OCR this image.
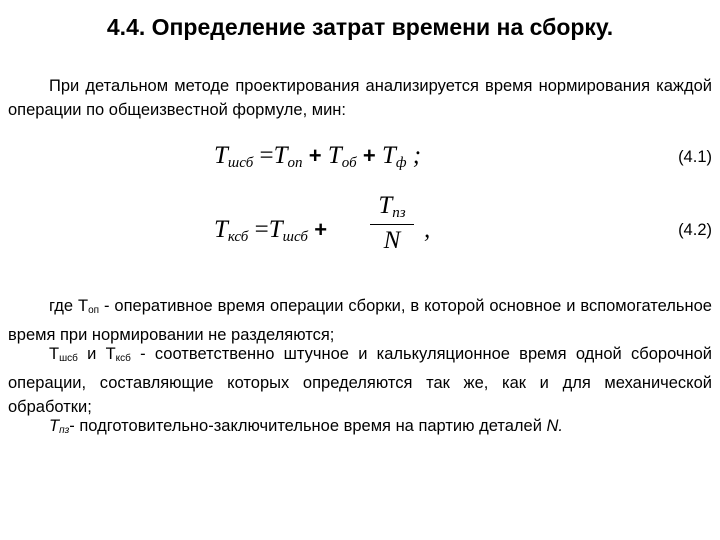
4.4. Определение затрат времени на сборку.
При детальном методе проектирования анализируется время нормирования каждой операции по общеизвестной формуле, мин:
$T_{шсб} =T_{оп} + T_{об} + T_ф$ ;	(4.1)
$T_{ксб} =T_{шсб}$ +
$T_{пз}$
N ,	(4.2)
где Топ - оперативное время операции сборки, в которой основное и вспомогательное время при нормировании не разделяются;
Тшсб и Тксб - соответственно штучное и калькуляционное время одной сборочной операции, составляющие которых определяются так же, как и для механической обработки;
Тпз- подготовительно-заключительное время на партию деталей N.
